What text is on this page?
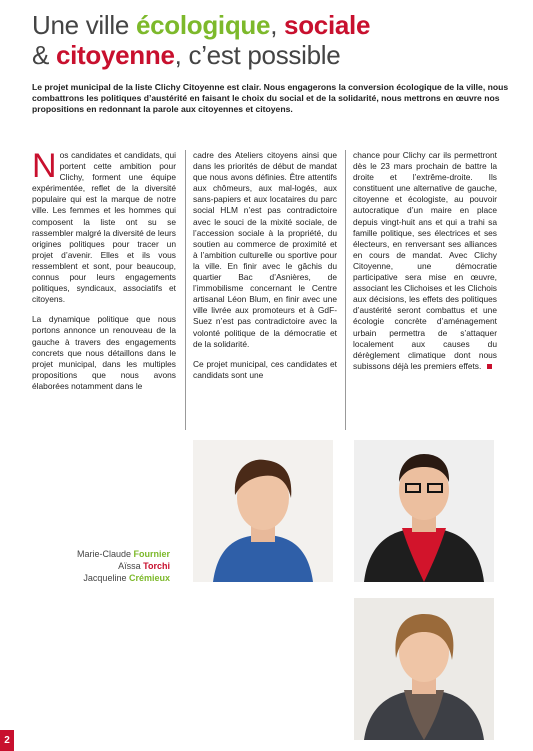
Une ville écologique, sociale
& citoyenne, c’est possible
Le projet municipal de la liste Clichy Citoyenne est clair. Nous engagerons la conversion écologique de la ville, nous combattrons les politiques d’austérité en faisant le choix du social et de la solidarité, nous mettrons en œuvre nos propositions en redonnant la parole aux citoyennes et citoyens.

Nos candidates et candidats, qui portent cette ambition pour Clichy, forment une équipe expérimentée, reflet de la diversité populaire qui est la marque de notre ville. Les femmes et les hommes qui composent la liste ont su se rassembler malgré la diversité de leurs origines politiques pour tracer un projet d’avenir. Elles et ils vous ressemblent et sont, pour beaucoup, connus pour leurs engagements politiques, syndicaux, associatifs et citoyens.

La dynamique politique que nous portons annonce un renouveau de la gauche à travers des engagements concrets que nous détaillons dans le projet municipal, dans les multiples propositions que nous avons élaborées notamment dans le

cadre des Ateliers citoyens ainsi que dans les priorités de début de mandat que nous avons définies. Être attentifs aux chômeurs, aux mal-logés, aux sans-papiers et aux locataires du parc social HLM n’est pas contradictoire avec le souci de la mixité sociale, de l’accession sociale à la propriété, du soutien au commerce de proximité et à l’ambition culturelle ou sportive pour la ville. En finir avec le gâchis du quartier Bac d’Asnières, de l’immobilisme concernant le Centre artisanal Léon Blum, en finir avec une ville livrée aux promoteurs et à GdF-Suez n’est pas contradictoire avec la volonté politique de la démocratie et de la solidarité.

Ce projet municipal, ces candidates et candidats sont une

chance pour Clichy car ils permettront dès le 23 mars prochain de battre la droite et l’extrême-droite. Ils constituent une alternative de gauche, citoyenne et écologiste, au pouvoir autocratique d’un maire en place depuis vingt-huit ans et qui a trahi sa famille politique, ses électrices et ses électeurs, en renversant ses alliances en cours de mandat. Avec Clichy Citoyenne, une démocratie participative sera mise en œuvre, associant les Clichoises et les Clichois aux décisions, les effets des politiques d’austérité seront combattus et une écologie concrète d’aménagement urbain permettra de s’attaquer localement aux causes du dérèglement climatique dont nous subissons déjà les premiers effets.

Marie-Claude Fournier
Aïssa Torchi
Jacqueline Crémieux
2
